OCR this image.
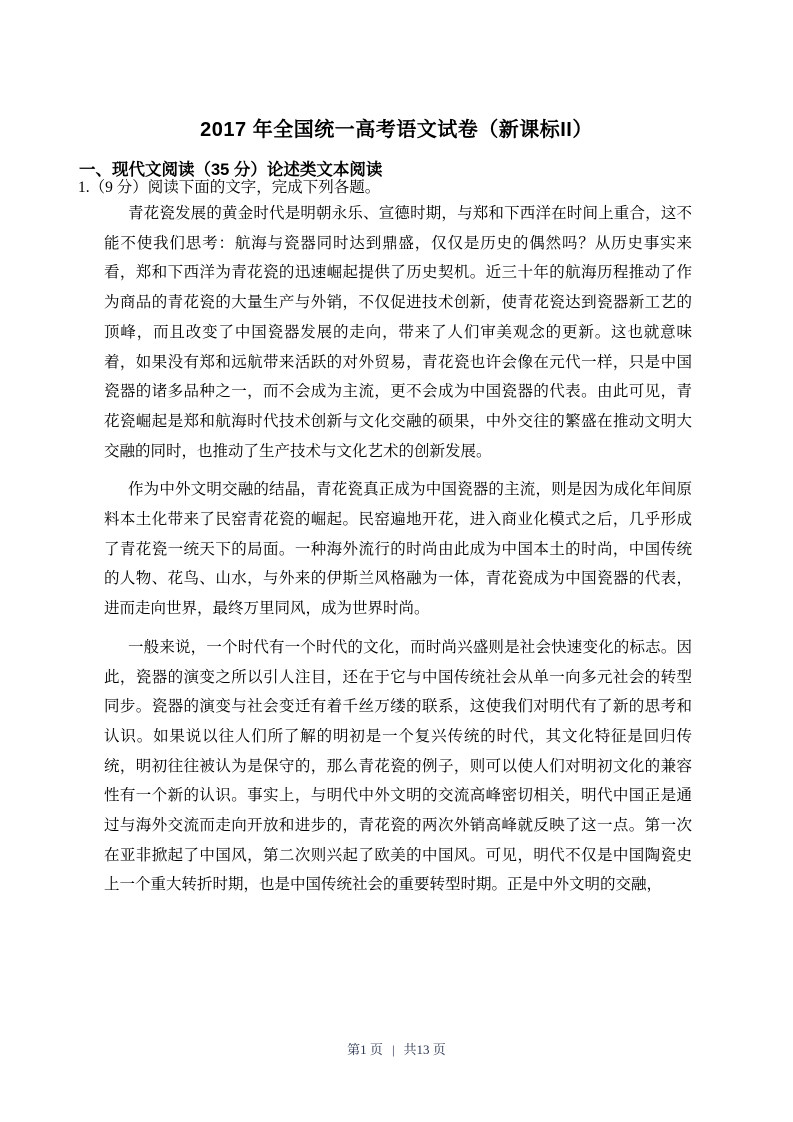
2017 年全国统一高考语文试卷（新课标II）
一、现代文阅读（35 分）论述类文本阅读
1.（9 分）阅读下面的文字，完成下列各题。

青花瓷发展的黄金时代是明朝永乐、宣德时期，与郑和下西洋在时间上重合，这不能不使我们思考：航海与瓷器同时达到鼎盛，仅仅是历史的偶然吗？从历史事实来看，郑和下西洋为青花瓷的迅速崛起提供了历史契机。近三十年的航海历程推动了作为商品的青花瓷的大量生产与外销，不仅促进技术创新，使青花瓷达到瓷器新工艺的顶峰，而且改变了中国瓷器发展的走向，带来了人们审美观念的更新。这也就意味着，如果没有郑和远航带来活跃的对外贸易，青花瓷也许会像在元代一样，只是中国瓷器的诸多品种之一，而不会成为主流，更不会成为中国瓷器的代表。由此可见，青花瓷崛起是郑和航海时代技术创新与文化交融的硕果，中外交往的繁盛在推动文明大交融的同时，也推动了生产技术与文化艺术的创新发展。

作为中外文明交融的结晶，青花瓷真正成为中国瓷器的主流，则是因为成化年间原料本土化带来了民窑青花瓷的崛起。民窑遍地开花，进入商业化模式之后，几乎形成了青花瓷一统天下的局面。一种海外流行的时尚由此成为中国本土的时尚，中国传统的人物、花鸟、山水，与外来的伊斯兰风格融为一体，青花瓷成为中国瓷器的代表，进而走向世界，最终万里同风，成为世界时尚。

一般来说，一个时代有一个时代的文化，而时尚兴盛则是社会快速变化的标志。因此，瓷器的演变之所以引人注目，还在于它与中国传统社会从单一向多元社会的转型同步。瓷器的演变与社会变迁有着千丝万缕的联系，这使我们对明代有了新的思考和认识。如果说以往人们所了解的明初是一个复兴传统的时代，其文化特征是回归传统，明初往往被认为是保守的，那么青花瓷的例子，则可以使人们对明初文化的兼容性有一个新的认识。事实上，与明代中外文明的交流高峰密切相关，明代中国正是通过与海外交流而走向开放和进步的，青花瓷的两次外销高峰就反映了这一点。第一次在亚非掀起了中国风，第二次则兴起了欧美的中国风。可见，明代不仅是中国陶瓷史上一个重大转折时期，也是中国传统社会的重要转型时期。正是中外文明的交融，

第1 页 | 共13 页
